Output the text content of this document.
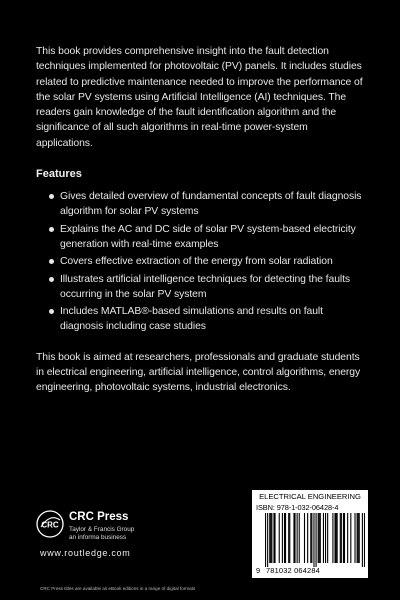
This book provides comprehensive insight into the fault detection techniques implemented for photovoltaic (PV) panels. It includes studies related to predictive maintenance needed to improve the performance of the solar PV systems using Artificial Intelligence (AI) techniques. The readers gain knowledge of the fault identification algorithm and the significance of all such algorithms in real-time power-system applications.

Features
Gives detailed overview of fundamental concepts of fault diagnosis algorithm for solar PV systems
Explains the AC and DC side of solar PV system-based electricity generation with real-time examples
Covers effective extraction of the energy from solar radiation
Illustrates artificial intelligence techniques for detecting the faults occurring in the solar PV system
Includes MATLAB®-based simulations and results on fault diagnosis including case studies

This book is aimed at researchers, professionals and graduate students in electrical engineering, artificial intelligence, control algorithms, energy engineering, photovoltaic systems, industrial electronics.

CRC
CRC Press
Taylor & Francis Group
an informa business
www.routledge.com
CRC Press titles are available as eBook editions in a range of digital formats
ELECTRICAL ENGINEERING
ISBN: 978-1-032-06428-4
9 781032 064284
